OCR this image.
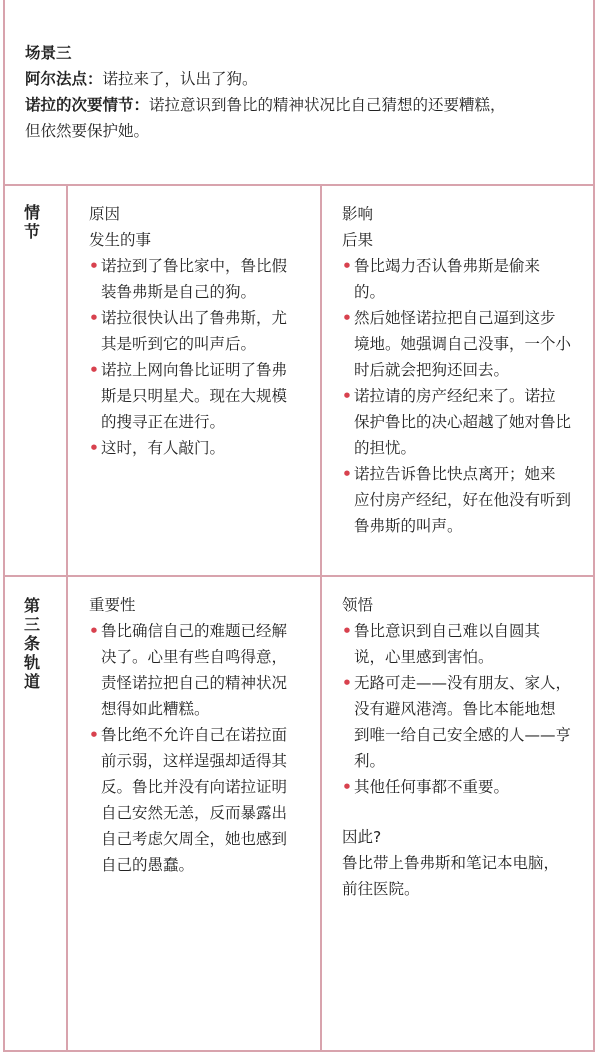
场景三
阿尔法点：诺拉来了，认出了狗。
诺拉的次要情节：诺拉意识到鲁比的精神状况比自己猜想的还要糟糕，
但依然要保护她。
情
节
原因
发生的事
• 诺拉到了鲁比家中，鲁比假
装鲁弗斯是自己的狗。
• 诺拉很快认出了鲁弗斯，尤
其是听到它的叫声后。
• 诺拉上网向鲁比证明了鲁弗
斯是只明星犬。现在大规模
的搜寻正在进行。
• 这时，有人敲门。
影响
后果
• 鲁比竭力否认鲁弗斯是偷来
的。
• 然后她怪诺拉把自己逼到这步
境地。她强调自己没事，一个小
时后就会把狗还回去。
• 诺拉请的房产经纪来了。诺拉
保护鲁比的决心超越了她对鲁比
的担忧。
• 诺拉告诉鲁比快点离开；她来
应付房产经纪，好在他没有听到
鲁弗斯的叫声。
第
三
条
轨
道
重要性
• 鲁比确信自己的难题已经解
决了。心里有些自鸣得意，
责怪诺拉把自己的精神状况
想得如此糟糕。
• 鲁比绝不允许自己在诺拉面
前示弱，这样逞强却适得其
反。鲁比并没有向诺拉证明
自己安然无恙，反而暴露出
自己考虑欠周全，她也感到
自己的愚蠢。
领悟
• 鲁比意识到自己难以自圆其
说，心里感到害怕。
• 无路可走——没有朋友、家人，
没有避风港湾。鲁比本能地想
到唯一给自己安全感的人——亨
利。
• 其他任何事都不重要。
因此?
鲁比带上鲁弗斯和笔记本电脑，
前往医院。
